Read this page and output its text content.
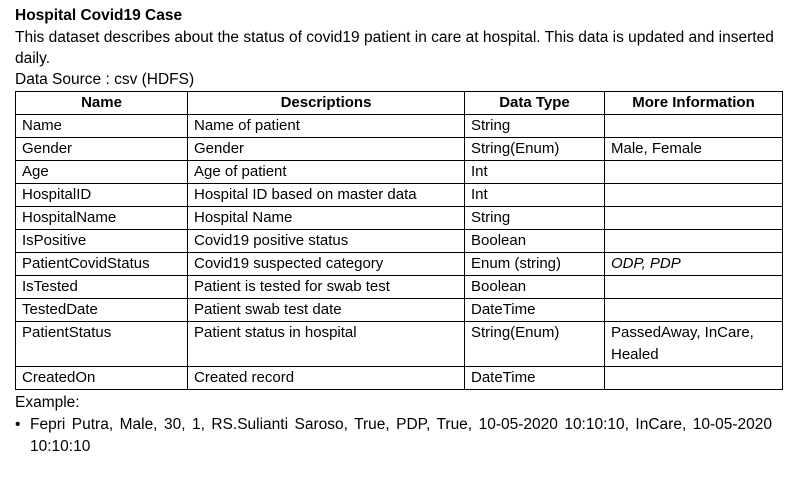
Hospital Covid19 Case

This dataset describes about the status of covid19 patient in care at hospital. This data is updated and inserted daily.

Data Source : csv (HDFS)

Name	Descriptions	Data Type	More Information
Name	Name of patient	String	
Gender	Gender	String(Enum)	Male, Female
Age	Age of patient	Int	
HospitalID	Hospital ID based on master data	Int	
HospitalName	Hospital Name	String	
IsPositive	Covid19 positive status	Boolean	
PatientCovidStatus	Covid19 suspected category	Enum (string)	ODP, PDP
IsTested	Patient is tested for swab test	Boolean	
TestedDate	Patient swab test date	DateTime	
PatientStatus	Patient status in hospital	String(Enum)	PassedAway, InCare, Healed
CreatedOn	Created record	DateTime	

Example:

• Fepri Putra, Male, 30, 1, RS.Sulianti Saroso, True, PDP, True, 10-05-2020 10:10:10, InCare, 10-05-2020 10:10:10
